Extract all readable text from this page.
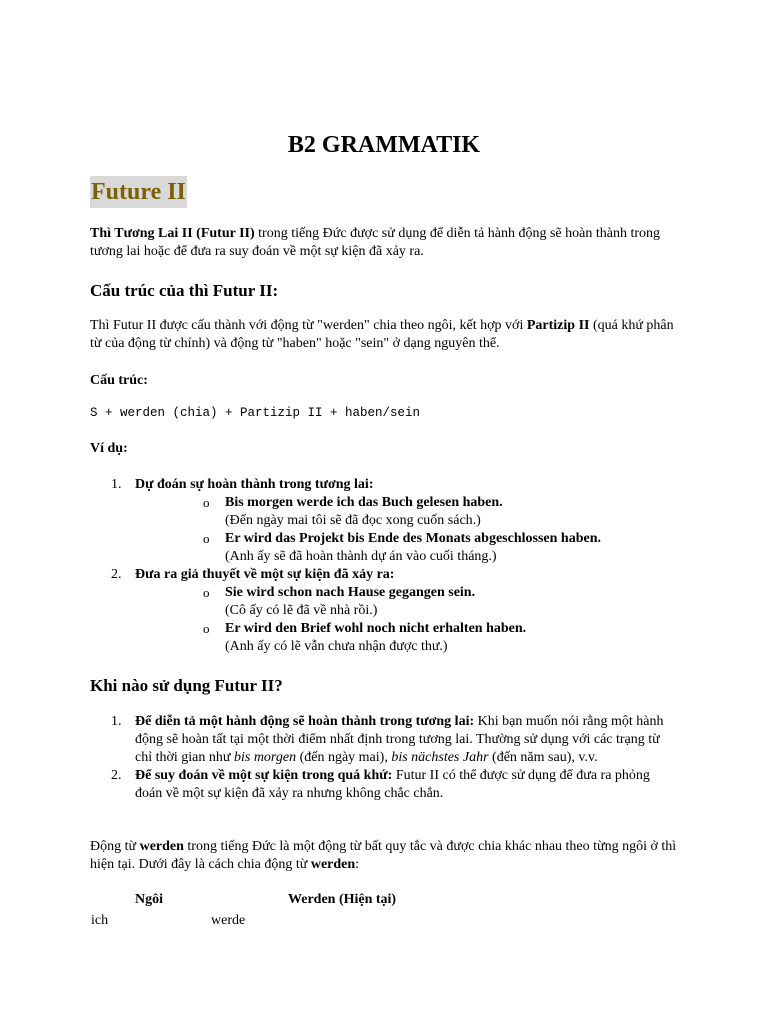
B2 GRAMMATIK
Future II
Thì Tương Lai II (Futur II) trong tiếng Đức được sử dụng để diễn tả hành động sẽ hoàn thành trong tương lai hoặc để đưa ra suy đoán về một sự kiện đã xảy ra.
Cấu trúc của thì Futur II:
Thì Futur II được cấu thành với động từ "werden" chia theo ngôi, kết hợp với Partizip II (quá khứ phân từ của động từ chính) và động từ "haben" hoặc "sein" ở dạng nguyên thể.
Cấu trúc:
S + werden (chia) + Partizip II + haben/sein
Ví dụ:
1. Dự đoán sự hoàn thành trong tương lai:
o	Bis morgen werde ich das Buch gelesen haben.
(Đến ngày mai tôi sẽ đã đọc xong cuốn sách.)
o	Er wird das Projekt bis Ende des Monats abgeschlossen haben.
(Anh ấy sẽ đã hoàn thành dự án vào cuối tháng.)
2. Đưa ra giả thuyết về một sự kiện đã xảy ra:
o	Sie wird schon nach Hause gegangen sein.
(Cô ấy có lẽ đã về nhà rồi.)
o	Er wird den Brief wohl noch nicht erhalten haben.
(Anh ấy có lẽ vẫn chưa nhận được thư.)
Khi nào sử dụng Futur II?
1. Để diễn tả một hành động sẽ hoàn thành trong tương lai: Khi bạn muốn nói rằng một hành động sẽ hoàn tất tại một thời điểm nhất định trong tương lai. Thường sử dụng với các trạng từ chỉ thời gian như bis morgen (đến ngày mai), bis nächstes Jahr (đến năm sau), v.v.
2. Để suy đoán về một sự kiện trong quá khứ: Futur II có thể được sử dụng để đưa ra phỏng đoán về một sự kiện đã xảy ra nhưng không chắc chắn.
Động từ werden trong tiếng Đức là một động từ bất quy tắc và được chia khác nhau theo từng ngôi ở thì hiện tại. Dưới đây là cách chia động từ werden:
Ngôi	Werden (Hiện tại)
ich	werde
